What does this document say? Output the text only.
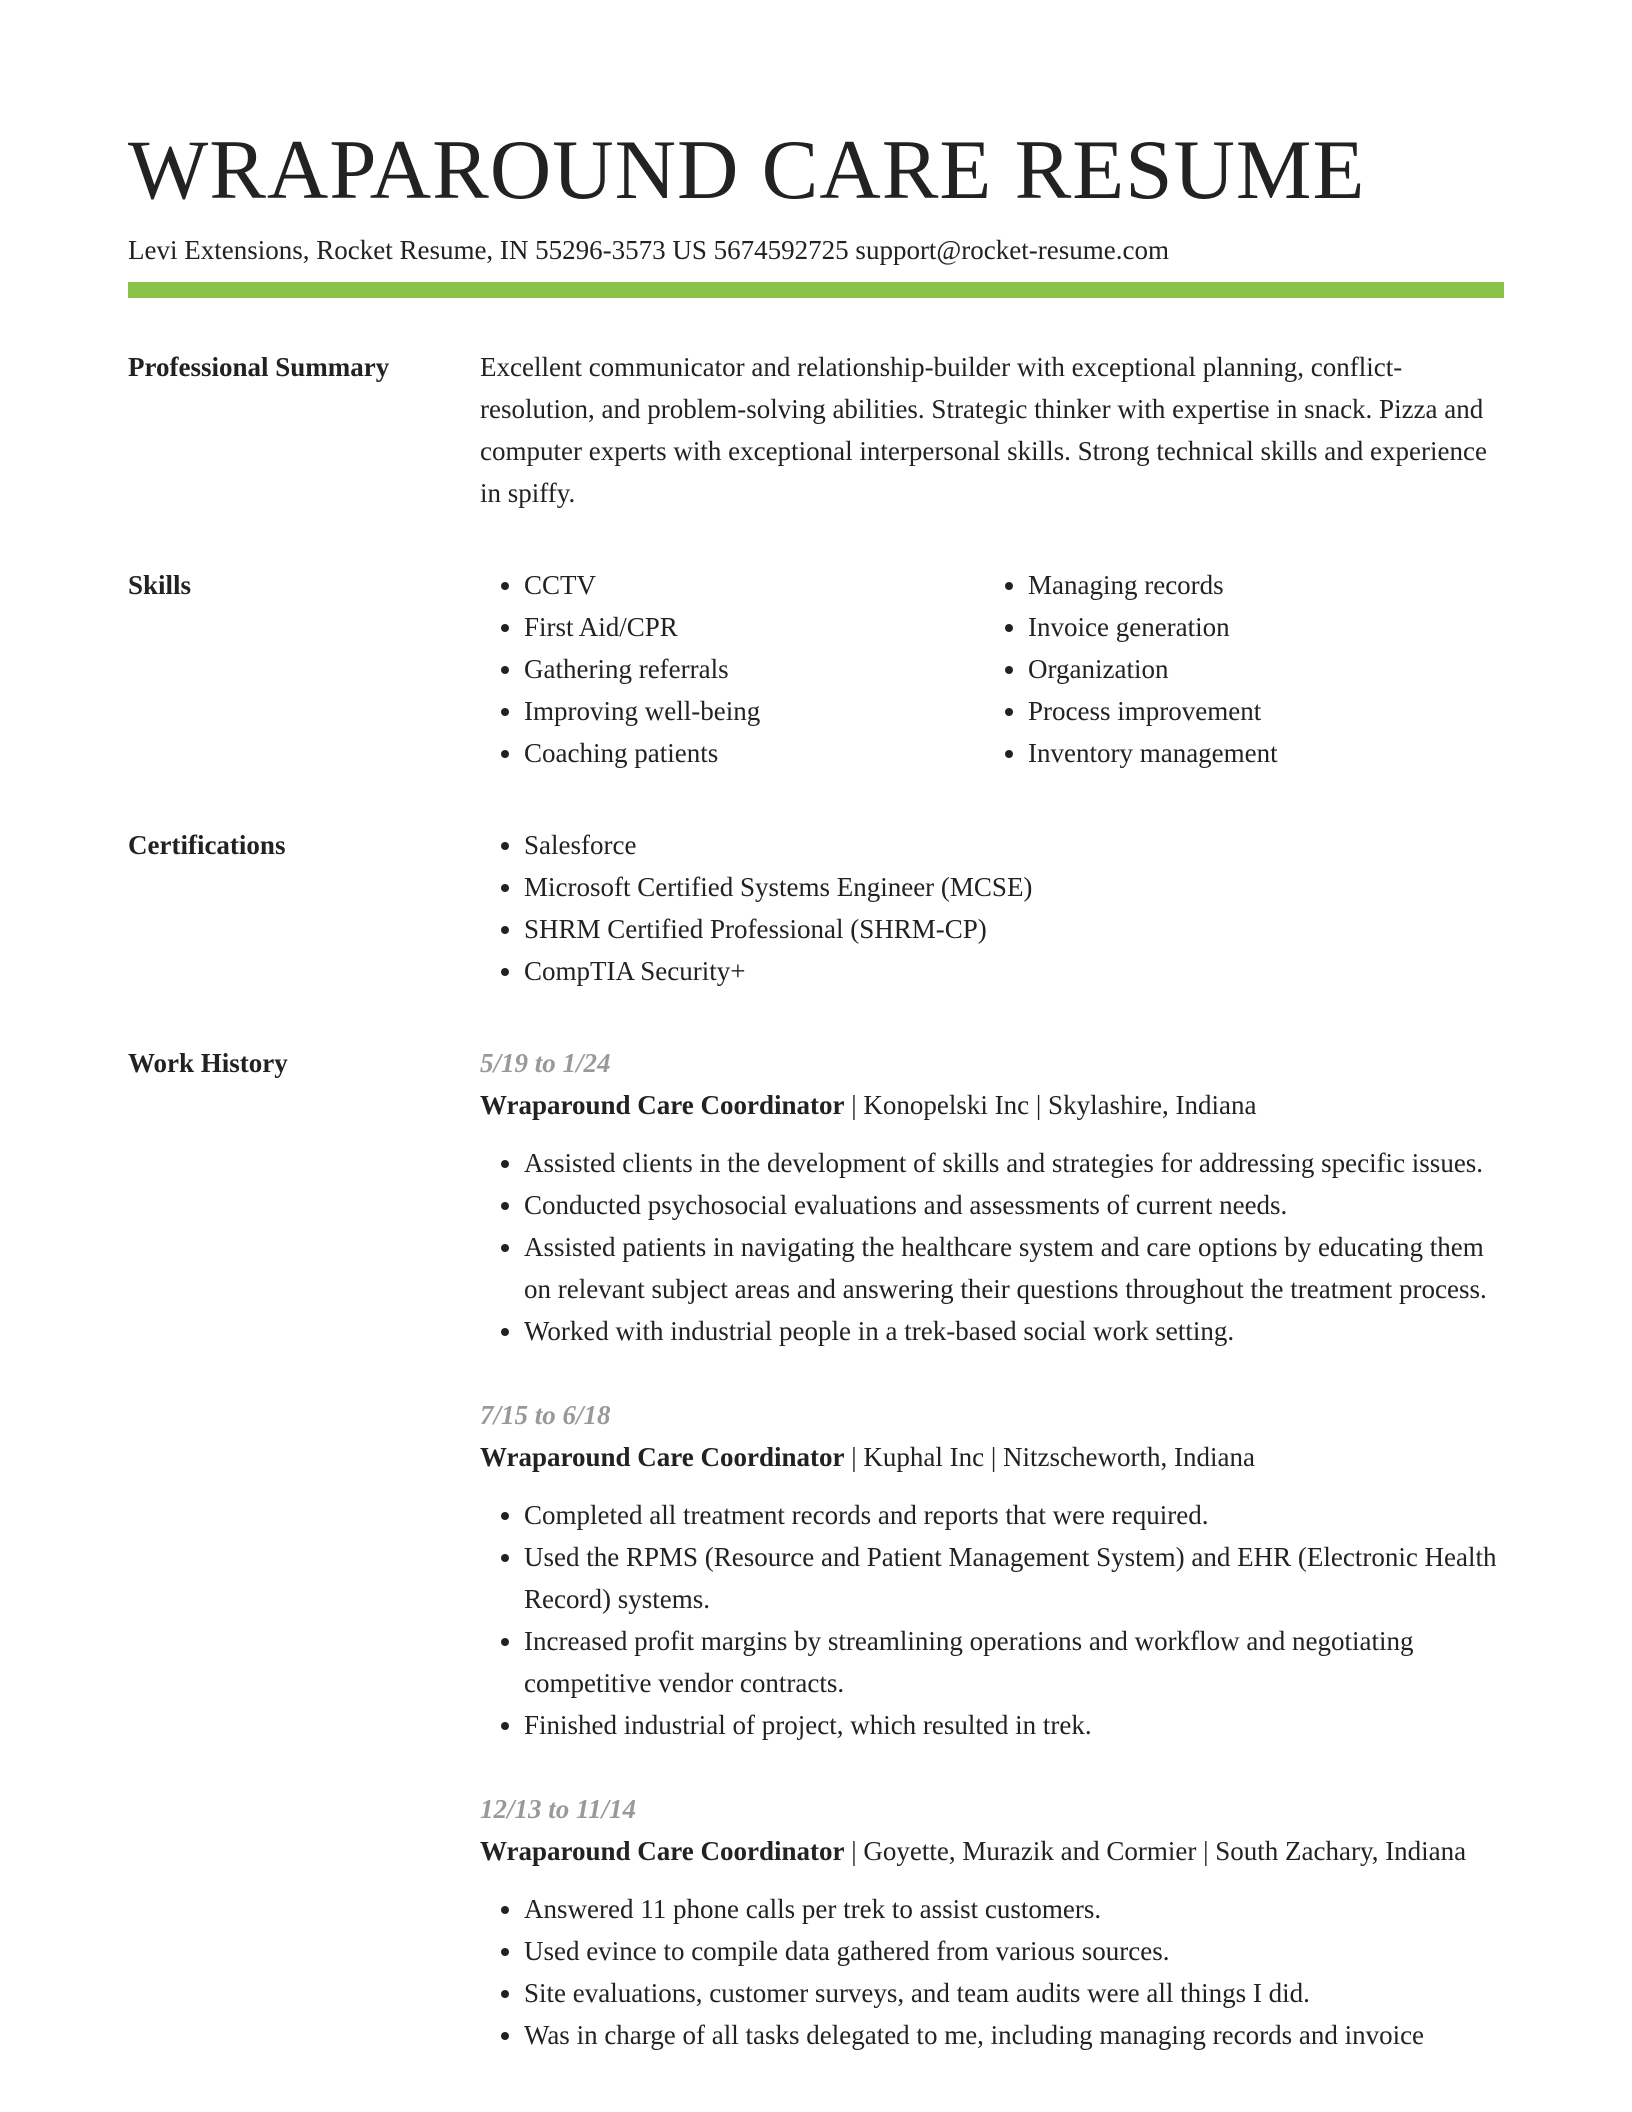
WRAPAROUND CARE RESUME
Levi Extensions, Rocket Resume, IN 55296-3573 US 5674592725 support@rocket-resume.com
Professional Summary	Excellent communicator and relationship-builder with exceptional planning, conflict-resolution, and problem-solving abilities. Strategic thinker with expertise in snack. Pizza and computer experts with exceptional interpersonal skills. Strong technical skills and experience in spiffy.

Skills	• CCTV
• First Aid/CPR
• Gathering referrals
• Improving well-being
• Coaching patients
• Managing records
• Invoice generation
• Organization
• Process improvement
• Inventory management
Certifications	• Salesforce
• Microsoft Certified Systems Engineer (MCSE)
• SHRM Certified Professional (SHRM-CP)
• CompTIA Security+
Work History	5/19 to 1/24
Wraparound Care Coordinator | Konopelski Inc | Skylashire, Indiana
• Assisted clients in the development of skills and strategies for addressing specific issues.
• Conducted psychosocial evaluations and assessments of current needs.
• Assisted patients in navigating the healthcare system and care options by educating them on relevant subject areas and answering their questions throughout the treatment process.
• Worked with industrial people in a trek-based social work setting.
7/15 to 6/18
Wraparound Care Coordinator | Kuphal Inc | Nitzscheworth, Indiana
• Completed all treatment records and reports that were required.
• Used the RPMS (Resource and Patient Management System) and EHR (Electronic Health Record) systems.
• Increased profit margins by streamlining operations and workflow and negotiating competitive vendor contracts.
• Finished industrial of project, which resulted in trek.
12/13 to 11/14
Wraparound Care Coordinator | Goyette, Murazik and Cormier | South Zachary, Indiana
• Answered 11 phone calls per trek to assist customers.
• Used evince to compile data gathered from various sources.
• Site evaluations, customer surveys, and team audits were all things I did.
• Was in charge of all tasks delegated to me, including managing records and invoice
